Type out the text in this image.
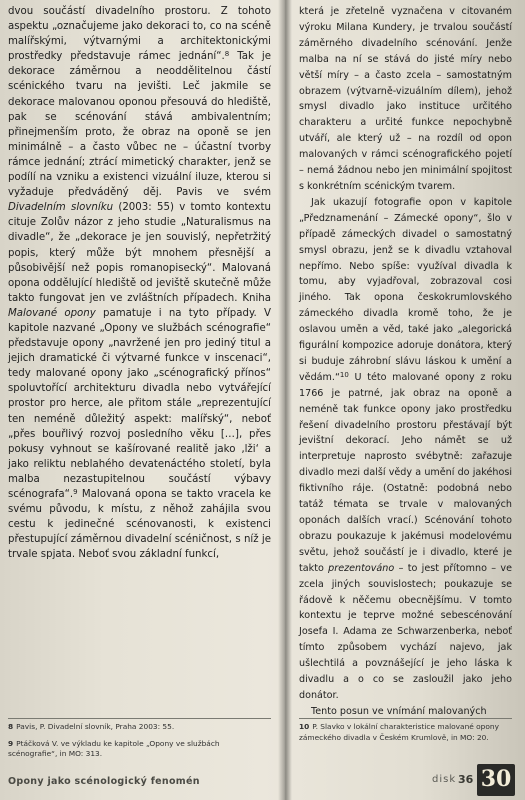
dvou součástí divadelního prostoru. Z tohoto aspektu „označujeme jako dekoraci to, co na scéně malířskými, výtvarnými a architektonickými prostředky představuje rámec jednání“.$^8$ Tak je dekorace záměrnou a neoddělitelnou částí scénického tvaru na jevišti. Leč jakmile se dekorace malovanou oponou přesouvá do hlediště, pak se scénování stává ambivalentním; přinejmenším proto, že obraz na oponě se jen minimálně – a často vůbec ne – účastní tvorby rámce jednání; ztrácí mimetický charakter, jenž se podílí na vzniku a existenci vizuální iluze, kterou si vyžaduje předváděný děj. Pavis ve svém Divadelním slovníku (2003: 55) v tomto kontextu cituje Zolův názor z jeho studie „Naturalismus na divadle“, že „dekorace je jen souvislý, nepřetržitý popis, který může být mnohem přesnější a působivější než popis romanopisecký“. Malovaná opona oddělující hlediště od jeviště skutečně může takto fungovat jen ve zvláštních případech. Kniha Malované opony pamatuje i na tyto případy. V kapitole nazvané „Opony ve službách scénografie“ představuje opony „navržené jen pro jediný titul a jejich dramatické či výtvarné funkce v inscenaci“, tedy malované opony jako „scénografický přínos“ spoluvtořící architekturu divadla nebo vytvářející prostor pro herce, ale přitom stále „reprezentující ten neméně důležitý aspekt: malířský“, neboť „přes bouřlivý rozvoj posledního věku […], přes pokusy vyhnout se kašírované realitě jako ‚lži‘ a jako reliktu neblahého devatenáctého století, byla malba nezastupitelnou součástí výbavy scénografa“.$^9$ Malovaná opona se takto vracela ke svému původu, k místu, z něhož zahájila svou cestu k jedinečné scénovanosti, k existenci přestupující záměrnou divadelní scéničnost, s níž je trvale spjata. Neboť svou základní funkcí,

která je zřetelně vyznačena v citovaném výroku Milana Kundery, je trvalou součástí záměrného divadelního scénování. Jenže malba na ní se stává do jisté míry nebo větší míry – a často zcela – samostatným obrazem (výtvarně-vizuálním dílem), jehož smysl divadlo jako instituce určitého charakteru a určité funkce nepochybně utváří, ale který už – na rozdíl od opon malovaných v rámci scénografického pojetí – nemá žádnou nebo jen minimální spojitost s konkrétním scénickým tvarem.

Jak ukazují fotografie opon v kapitole „Předznamenání – Zámecké opony“, šlo v případě zámeckých divadel o samostatný smysl obrazu, jenž se k divadlu vztahoval nepřímo. Nebo spíše: využíval divadla k tomu, aby vyjadřoval, zobrazoval cosi jiného. Tak opona českokrumlovského zámeckého divadla kromě toho, že je oslavou uměn a věd, také jako „alegorická figurální kompozice adoruje donátora, který si buduje záhrobní slávu láskou k umění a vědám.“$^{10}$ U této malované opony z roku 1766 je patrné, jak obraz na oponě a neméně tak funkce opony jako prostředku řešení divadelního prostoru přestávají být jevištní dekorací. Jeho námět se už interpretuje naprosto svébytně: zařazuje divadlo mezi další vědy a umění do jakéhosi fiktivního ráje. (Ostatně: podobná nebo tatáž témata se trvale v malovaných oponách dalších vrací.) Scénování tohoto obrazu poukazuje k jakémusi modelovému světu, jehož součástí je i divadlo, které je takto prezentováno – to jest přítomno – ve zcela jiných souvislostech; poukazuje se řádově k něčemu obecnějšímu. V tomto kontextu je teprve možné sebescénování Josefa I. Adama ze Schwarzenberka, neboť tímto způsobem vychází najevo, jak ušlechtilá a povznášející je jeho láska k divadlu a o co se zasloužil jako jeho donátor.

Tento posun ve vnímání malovaných

8 Pavis, P. Divadelní slovník, Praha 2003: 55.

9 Ptáčková V. ve výkladu ke kapitole „Opony ve službách scénografie“, in MO: 313.

10 P. Slavko v lokální charakteristice malované opony zámeckého divadla v Českém Krumlově, in MO: 20.

Opony jako scénologický fenomén	disk 36 30
